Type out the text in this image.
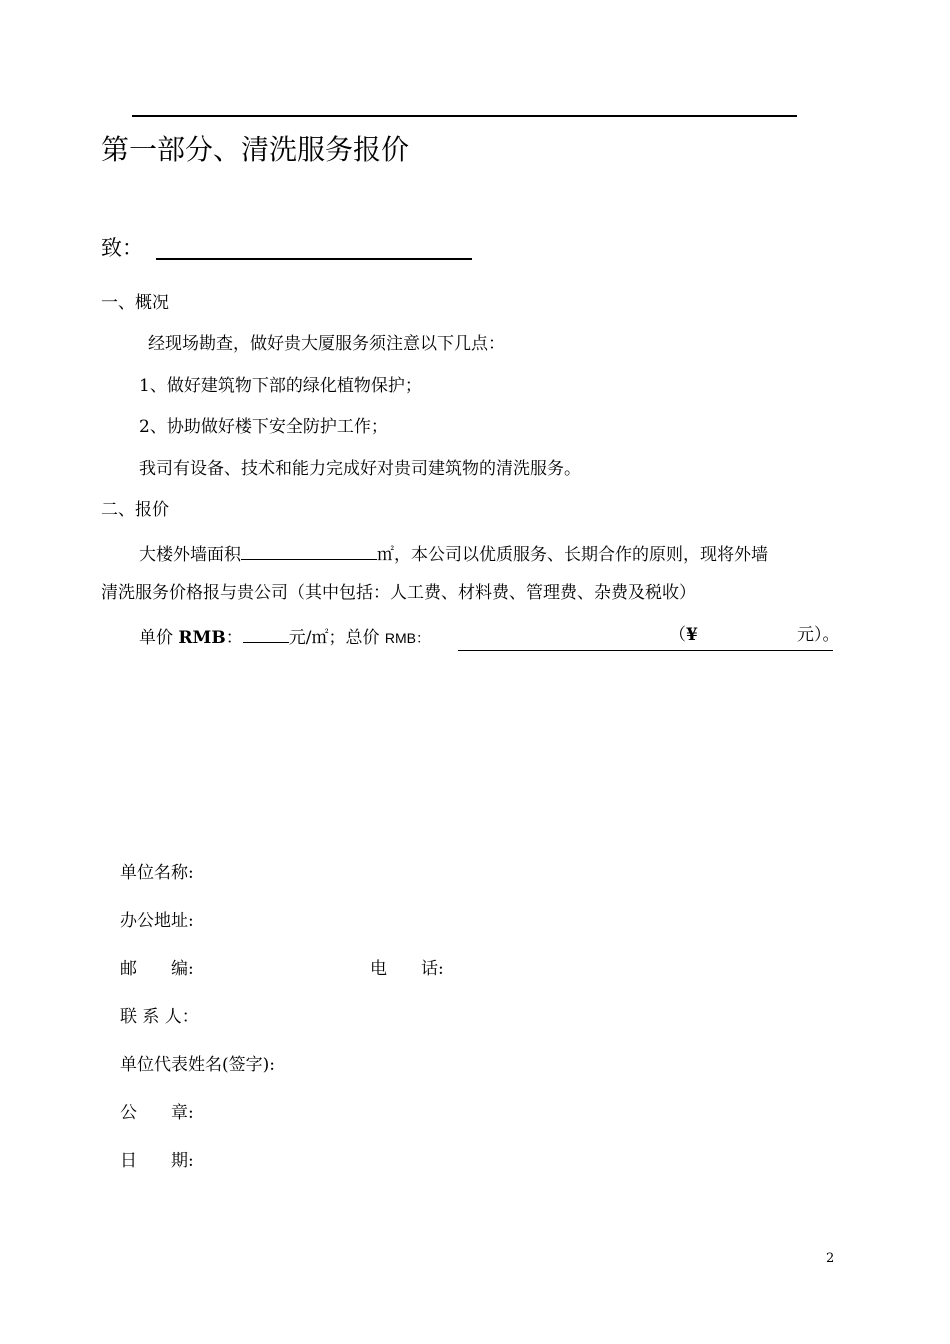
第一部分、清洗服务报价
致：
一、概况
经现场勘查，做好贵大厦服务须注意以下几点：
1、做好建筑物下部的绿化植物保护；
2、协助做好楼下安全防护工作；
我司有设备、技术和能力完成好对贵司建筑物的清洗服务。
二、报价
大楼外墙面积	㎡，本公司以优质服务、长期合作的原则，现将外墙
清洗服务价格报与贵公司（其中包括：人工费、材料费、管理费、杂费及税收）
单价 RMB：	元/㎡；总价 RMB：	（¥	元）。
单位名称:
办公地址:
邮　　编:	电　　话:
联 系 人：
单位代表姓名(签字):
公　　章:
日　　期:
2
